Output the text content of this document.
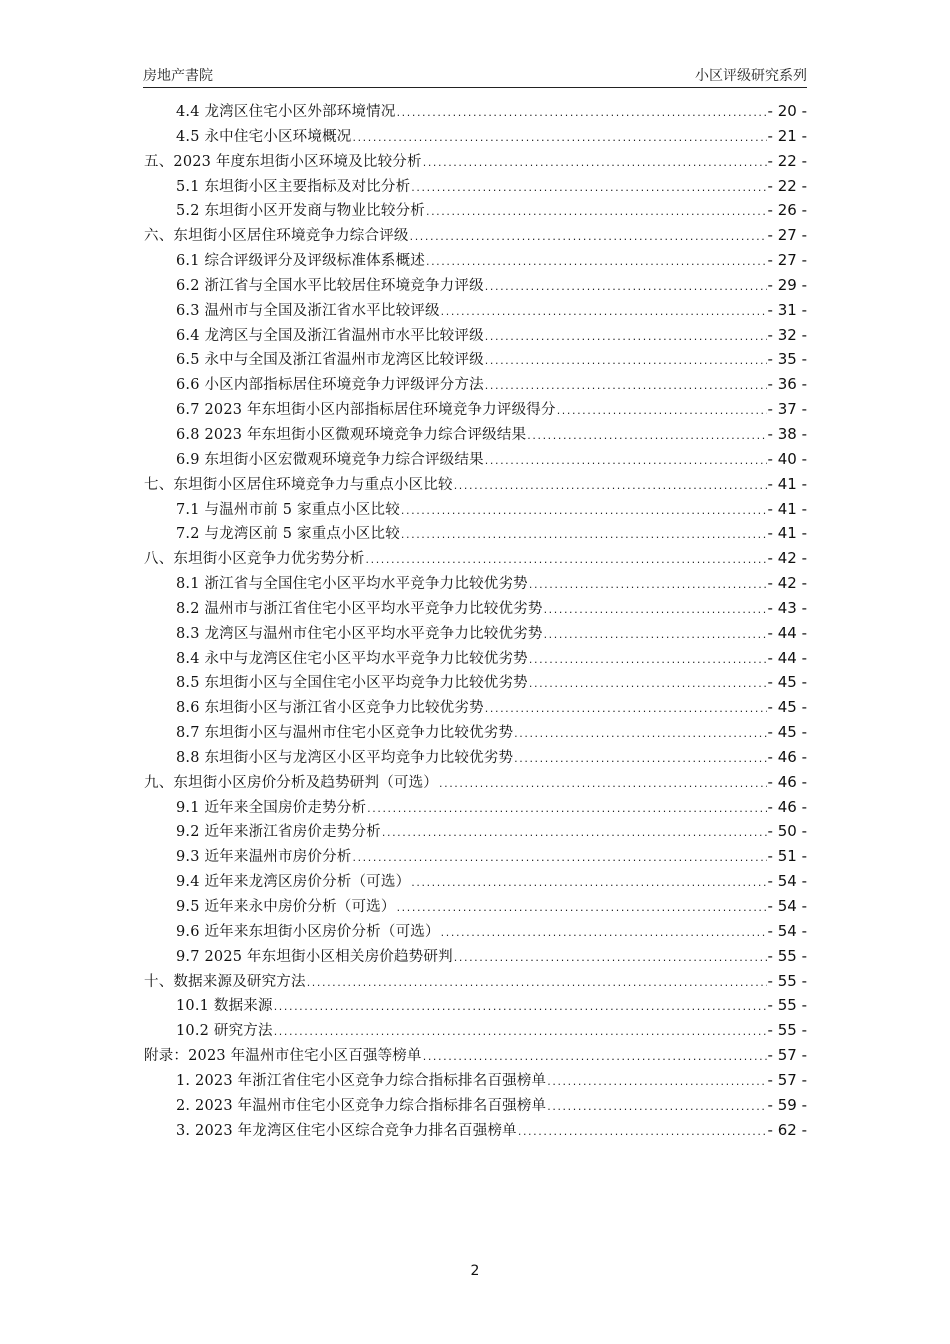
房地产書院	小区评级研究系列
4.4 龙湾区住宅小区外部环境情况 .....	- 20 -
4.5 永中住宅小区环境概况 .....	- 21 -
五、2023 年度东坦街小区环境及比较分析 .....	- 22 -
5.1 东坦街小区主要指标及对比分析 .....	- 22 -
5.2 东坦街小区开发商与物业比较分析 .....	- 26 -
六、东坦街小区居住环境竞争力综合评级 .....	- 27 -
6.1 综合评级评分及评级标准体系概述 .....	- 27 -
6.2 浙江省与全国水平比较居住环境竞争力评级 .....	- 29 -
6.3 温州市与全国及浙江省水平比较评级 .....	- 31 -
6.4 龙湾区与全国及浙江省温州市水平比较评级 .....	- 32 -
6.5 永中与全国及浙江省温州市龙湾区比较评级 .....	- 35 -
6.6 小区内部指标居住环境竞争力评级评分方法 .....	- 36 -
6.7 2023 年东坦街小区内部指标居住环境竞争力评级得分 .....	- 37 -
6.8 2023 年东坦街小区微观环境竞争力综合评级结果 .....	- 38 -
6.9 东坦街小区宏微观环境竞争力综合评级结果 .....	- 40 -
七、东坦街小区居住环境竞争力与重点小区比较 .....	- 41 -
7.1 与温州市前 5 家重点小区比较 .....	- 41 -
7.2 与龙湾区前 5 家重点小区比较 .....	- 41 -
八、东坦街小区竞争力优劣势分析 .....	- 42 -
8.1 浙江省与全国住宅小区平均水平竞争力比较优劣势 .....	- 42 -
8.2 温州市与浙江省住宅小区平均水平竞争力比较优劣势 .....	- 43 -
8.3 龙湾区与温州市住宅小区平均水平竞争力比较优劣势 .....	- 44 -
8.4 永中与龙湾区住宅小区平均水平竞争力比较优劣势 .....	- 44 -
8.5 东坦街小区与全国住宅小区平均竞争力比较优劣势 .....	- 45 -
8.6 东坦街小区与浙江省小区竞争力比较优劣势 .....	- 45 -
8.7 东坦街小区与温州市住宅小区竞争力比较优劣势 .....	- 45 -
8.8 东坦街小区与龙湾区小区平均竞争力比较优劣势 .....	- 46 -
九、东坦街小区房价分析及趋势研判（可选） .....	- 46 -
9.1 近年来全国房价走势分析 .....	- 46 -
9.2 近年来浙江省房价走势分析 .....	- 50 -
9.3 近年来温州市房价分析 .....	- 51 -
9.4 近年来龙湾区房价分析（可选） .....	- 54 -
9.5 近年来永中房价分析（可选） .....	- 54 -
9.6 近年来东坦街小区房价分析（可选） .....	- 54 -
9.7 2025 年东坦街小区相关房价趋势研判 .....	- 55 -
十、数据来源及研究方法 .....	- 55 -
10.1 数据来源 .....	- 55 -
10.2 研究方法 .....	- 55 -
附录：2023 年温州市住宅小区百强等榜单 .....	- 57 -
1. 2023 年浙江省住宅小区竞争力综合指标排名百强榜单 .....	- 57 -
2. 2023 年温州市住宅小区竞争力综合指标排名百强榜单 .....	- 59 -
3. 2023 年龙湾区住宅小区综合竞争力排名百强榜单 .....	- 62 -
2
